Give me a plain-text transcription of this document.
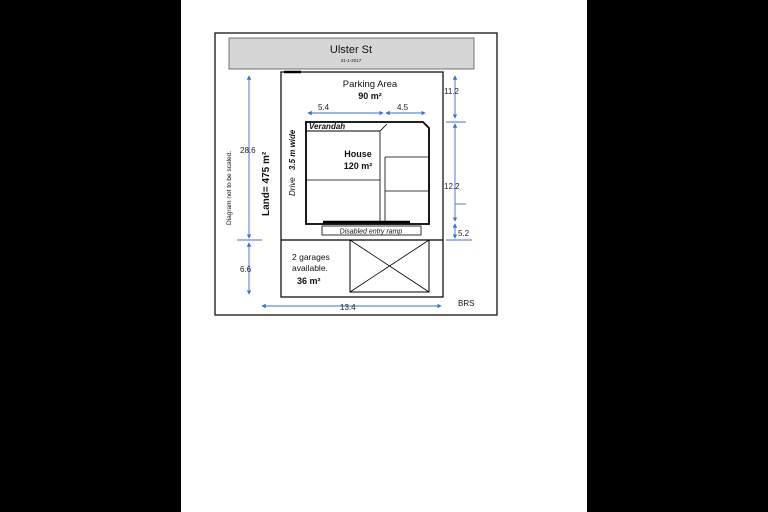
Ulster St
31-1-2017
Parking Area
90 m²
Verandah
House
120 m²
Disabled entry ramp
Drive 3.5 m wide
2 garages
available.
36 m²
Land= 475 m²
Diagram not to be scaled.
5.4	4.5
11.2
28.6
12.2
5.2
6.6
13.4	BRS
